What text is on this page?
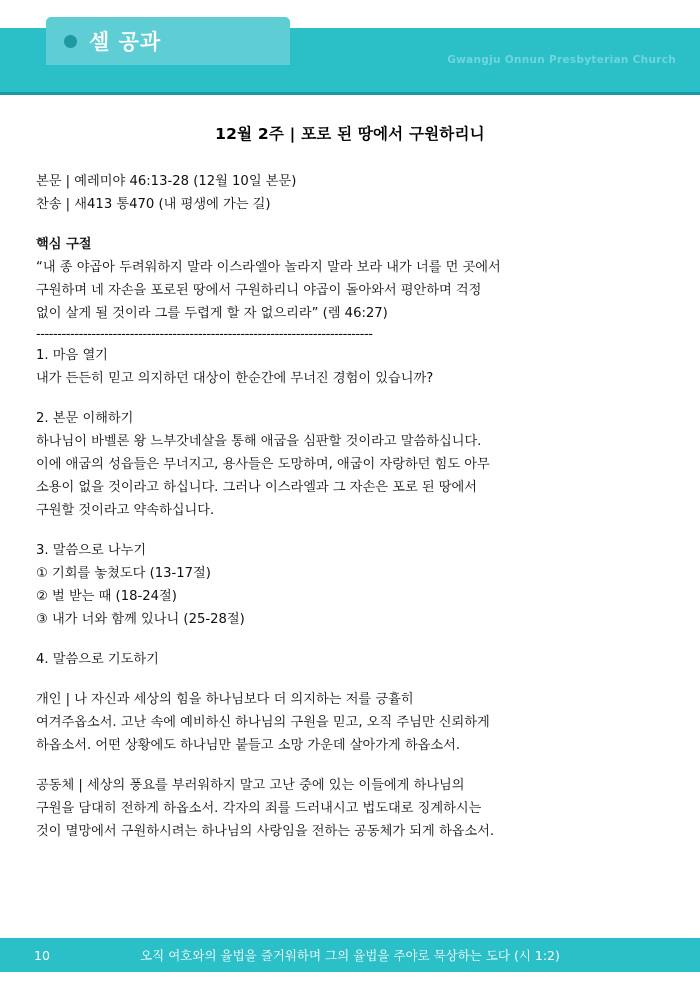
셀 공과
Gwangju Onnun Presbyterian Church
12월 2주 | 포로 된 땅에서 구원하리니
본문 | 예레미야 46:13-28 (12월 10일 본문)
찬송 | 새413 통470 (내 평생에 가는 길)
핵심 구절
“내 종 야곱아 두려워하지 말라 이스라엘아 놀라지 말라 보라 내가 너를 먼 곳에서
구원하며 네 자손을 포로된 땅에서 구원하리니 야곱이 돌아와서 평안하며 걱정
없이 살게 될 것이라 그를 두렵게 할 자 없으리라” (렘 46:27)
-------------------------------------------------------------------------------
1. 마음 열기
내가 든든히 믿고 의지하던 대상이 한순간에 무너진 경험이 있습니까?
2. 본문 이해하기
하나님이 바벨론 왕 느부갓네살을 통해 애굽을 심판할 것이라고 말씀하십니다.
이에 애굽의 성읍들은 무너지고, 용사들은 도망하며, 애굽이 자랑하던 힘도 아무
소용이 없을 것이라고 하십니다. 그러나 이스라엘과 그 자손은 포로 된 땅에서
구원할 것이라고 약속하십니다.
3. 말씀으로 나누기
① 기회를 놓쳤도다 (13-17절)
② 벌 받는 때 (18-24절)
③ 내가 너와 함께 있나니 (25-28절)
4. 말씀으로 기도하기
개인 | 나 자신과 세상의 힘을 하나님보다 더 의지하는 저를 긍휼히
여겨주옵소서. 고난 속에 예비하신 하나님의 구원을 믿고, 오직 주님만 신뢰하게
하옵소서. 어떤 상황에도 하나님만 붙들고 소망 가운데 살아가게 하옵소서.
공동체 | 세상의 풍요를 부러워하지 말고 고난 중에 있는 이들에게 하나님의
구원을 담대히 전하게 하옵소서. 각자의 죄를 드러내시고 법도대로 징계하시는
것이 멸망에서 구원하시려는 하나님의 사랑임을 전하는 공동체가 되게 하옵소서.
10	오직 여호와의 율법을 즐거워하며 그의 율법을 주야로 묵상하는 도다 (시 1:2)
